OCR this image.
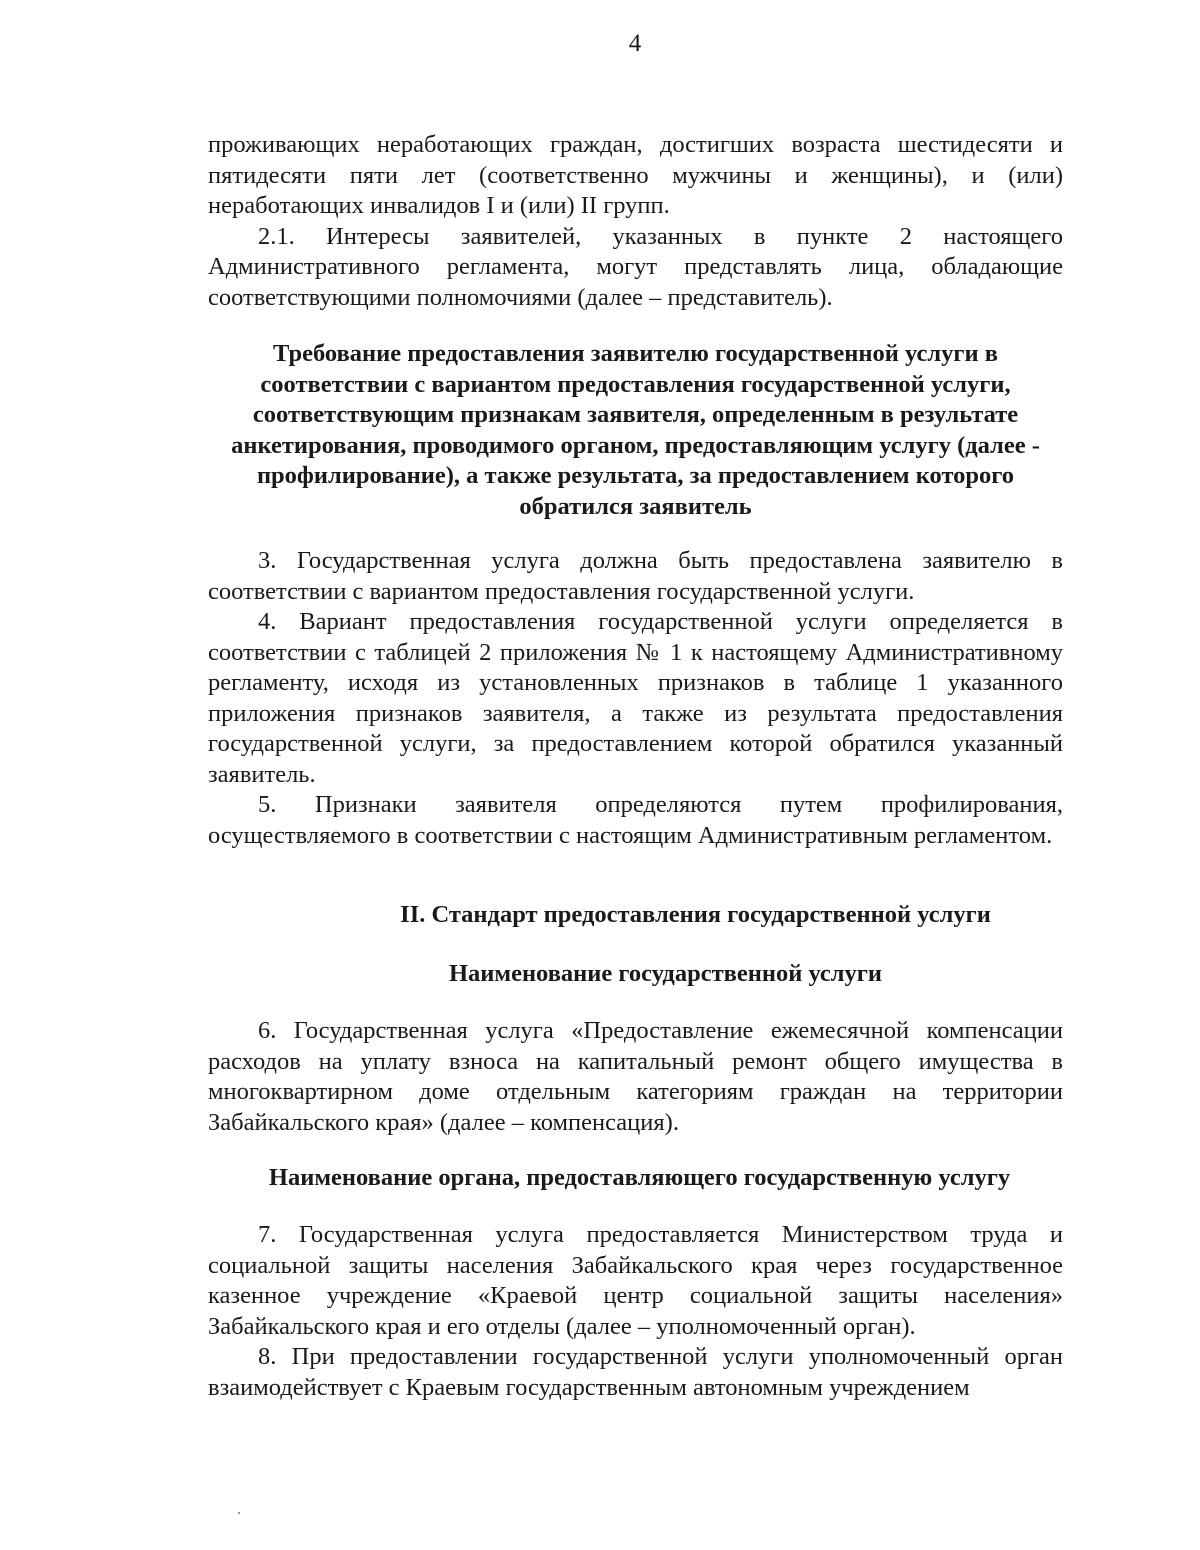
4

проживающих неработающих граждан, достигших возраста шестидесяти и пятидесяти пяти лет (соответственно мужчины и женщины), и (или) неработающих инвалидов I и (или) II групп.

2.1. Интересы заявителей, указанных в пункте 2 настоящего Административного регламента, могут представлять лица, обладающие соответствующими полномочиями (далее – представитель).

Требование предоставления заявителю государственной услуги в соответствии с вариантом предоставления государственной услуги, соответствующим признакам заявителя, определенным в результате анкетирования, проводимого органом, предоставляющим услугу (далее - профилирование), а также результата, за предоставлением которого обратился заявитель

3. Государственная услуга должна быть предоставлена заявителю в соответствии с вариантом предоставления государственной услуги.

4. Вариант предоставления государственной услуги определяется в соответствии с таблицей 2 приложения № 1 к настоящему Административному регламенту, исходя из установленных признаков в таблице 1 указанного приложения признаков заявителя, а также из результата предоставления государственной услуги, за предоставлением которой обратился указанный заявитель.

5. Признаки заявителя определяются путем профилирования, осуществляемого в соответствии с настоящим Административным регламентом.

II. Стандарт предоставления государственной услуги
Наименование государственной услуги

6. Государственная услуга «Предоставление ежемесячной компенсации расходов на уплату взноса на капитальный ремонт общего имущества в многоквартирном доме отдельным категориям граждан на территории Забайкальского края» (далее – компенсация).

Наименование органа, предоставляющего государственную услугу

7. Государственная услуга предоставляется Министерством труда и социальной защиты населения Забайкальского края через государственное казенное учреждение «Краевой центр социальной защиты населения» Забайкальского края и его отделы (далее – уполномоченный орган).

8. При предоставлении государственной услуги уполномоченный орган взаимодействует с Краевым государственным автономным учреждением
